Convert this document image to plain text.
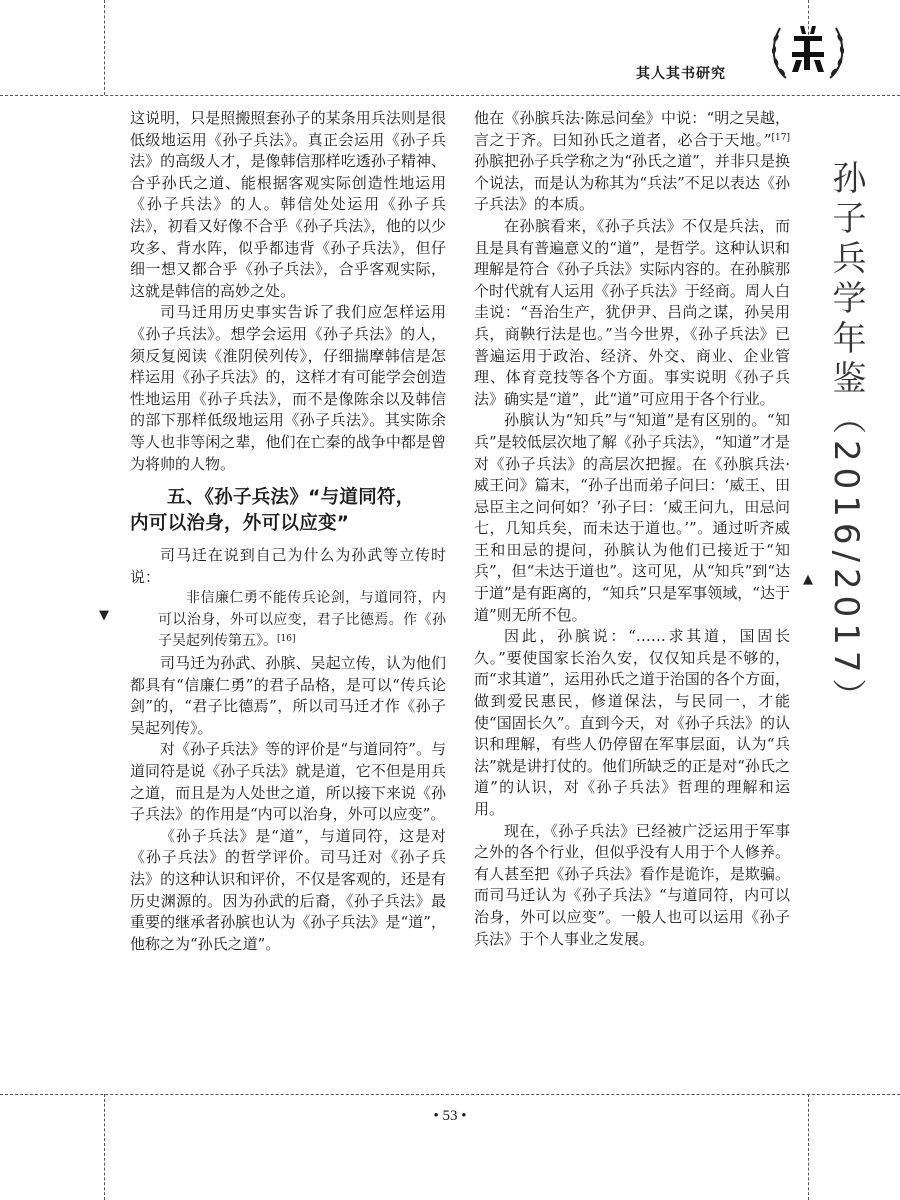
其人其书研究
孙子兵学年鉴（2016/2017）
▼
▲

这说明，只是照搬照套孙子的某条用兵法则是很低级地运用《孙子兵法》。真正会运用《孙子兵法》的高级人才，是像韩信那样吃透孙子精神、合乎孙氏之道、能根据客观实际创造性地运用《孙子兵法》的人。韩信处处运用《孙子兵法》，初看又好像不合乎《孙子兵法》，他的以少攻多、背水阵，似乎都违背《孙子兵法》，但仔细一想又都合乎《孙子兵法》，合乎客观实际，这就是韩信的高妙之处。

司马迁用历史事实告诉了我们应怎样运用《孙子兵法》。想学会运用《孙子兵法》的人，须反复阅读《淮阴侯列传》，仔细揣摩韩信是怎样运用《孙子兵法》的，这样才有可能学会创造性地运用《孙子兵法》，而不是像陈余以及韩信的部下那样低级地运用《孙子兵法》。其实陈余等人也非等闲之辈，他们在亡秦的战争中都是曾为将帅的人物。

五、《孙子兵法》“与道同符，
内可以治身，外可以应变”

司马迁在说到自己为什么为孙武等立传时说：

非信廉仁勇不能传兵论剑，与道同符，内可以治身，外可以应变，君子比德焉。作《孙子吴起列传第五》。[16]

司马迁为孙武、孙膑、吴起立传，认为他们都具有“信廉仁勇”的君子品格，是可以“传兵论剑”的，“君子比德焉”，所以司马迁才作《孙子吴起列传》。

对《孙子兵法》等的评价是“与道同符”。与道同符是说《孙子兵法》就是道，它不但是用兵之道，而且是为人处世之道，所以接下来说《孙子兵法》的作用是“内可以治身，外可以应变”。

《孙子兵法》是“道”，与道同符，这是对《孙子兵法》的哲学评价。司马迁对《孙子兵法》的这种认识和评价，不仅是客观的，还是有历史渊源的。因为孙武的后裔，《孙子兵法》最重要的继承者孙膑也认为《孙子兵法》是“道”，他称之为“孙氏之道”。

他在《孙膑兵法·陈忌问垒》中说：“明之吴越，言之于齐。曰知孙氏之道者，必合于天地。”[17]孙膑把孙子兵学称之为“孙氏之道”，并非只是换个说法，而是认为称其为“兵法”不足以表达《孙子兵法》的本质。

在孙膑看来，《孙子兵法》不仅是兵法，而且是具有普遍意义的“道”，是哲学。这种认识和理解是符合《孙子兵法》实际内容的。在孙膑那个时代就有人运用《孙子兵法》于经商。周人白圭说：“吾治生产，犹伊尹、吕尚之谋，孙吴用兵，商鞅行法是也。”当今世界，《孙子兵法》已普遍运用于政治、经济、外交、商业、企业管理、体育竞技等各个方面。事实说明《孙子兵法》确实是“道”，此“道”可应用于各个行业。

孙膑认为“知兵”与“知道”是有区别的。“知兵”是较低层次地了解《孙子兵法》，“知道”才是对《孙子兵法》的高层次把握。在《孙膑兵法·威王问》篇末，“孙子出而弟子问曰：‘威王、田忌臣主之问何如？’孙子曰：‘威王问九，田忌问七，几知兵矣，而未达于道也。’”。通过听齐威王和田忌的提问，孙膑认为他们已接近于“知兵”，但“未达于道也”。这可见，从“知兵”到“达于道”是有距离的，“知兵”只是军事领域，“达于道”则无所不包。

因此，孙膑说：“……求其道，国固长久。”要使国家长治久安，仅仅知兵是不够的，而“求其道”，运用孙氏之道于治国的各个方面，做到爱民惠民，修道保法，与民同一，才能使“国固长久”。直到今天，对《孙子兵法》的认识和理解，有些人仍停留在军事层面，认为“兵法”就是讲打仗的。他们所缺乏的正是对“孙氏之道”的认识，对《孙子兵法》哲理的理解和运用。

现在，《孙子兵法》已经被广泛运用于军事之外的各个行业，但似乎没有人用于个人修养。有人甚至把《孙子兵法》看作是诡诈，是欺骗。而司马迁认为《孙子兵法》“与道同符，内可以治身，外可以应变”。一般人也可以运用《孙子兵法》于个人事业之发展。

• 53 •
